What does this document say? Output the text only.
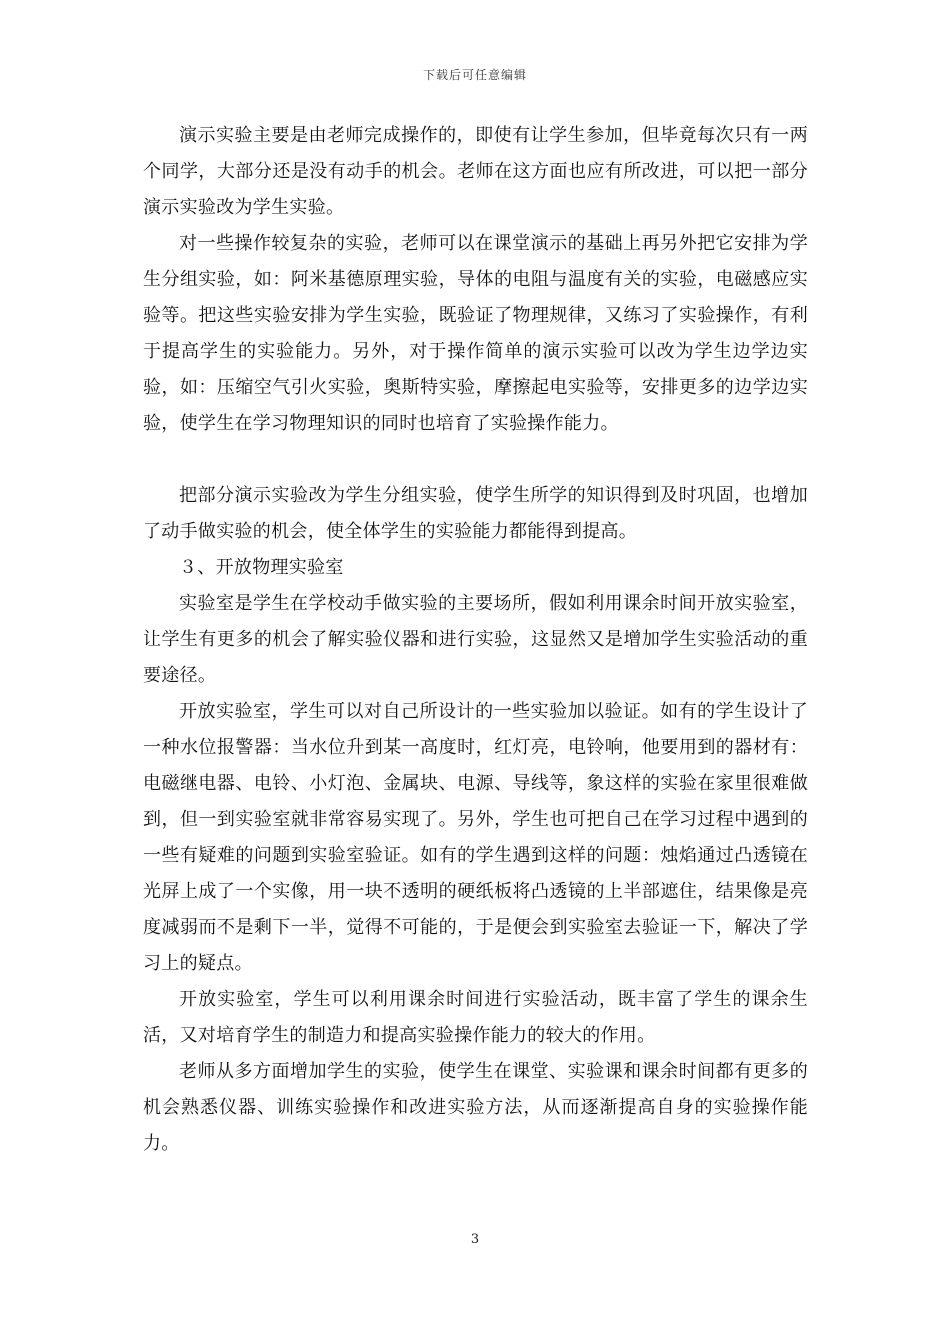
下载后可任意编辑

演示实验主要是由老师完成操作的，即使有让学生参加，但毕竟每次只有一两个同学，大部分还是没有动手的机会。老师在这方面也应有所改进，可以把一部分演示实验改为学生实验。

对一些操作较复杂的实验，老师可以在课堂演示的基础上再另外把它安排为学生分组实验，如：阿米基德原理实验，导体的电阻与温度有关的实验，电磁感应实验等。把这些实验安排为学生实验，既验证了物理规律，又练习了实验操作，有利于提高学生的实验能力。另外，对于操作简单的演示实验可以改为学生边学边实验，如：压缩空气引火实验，奥斯特实验，摩擦起电实验等，安排更多的边学边实验，使学生在学习物理知识的同时也培育了实验操作能力。

把部分演示实验改为学生分组实验，使学生所学的知识得到及时巩固，也增加了动手做实验的机会，使全体学生的实验能力都能得到提高。

３、开放物理实验室

实验室是学生在学校动手做实验的主要场所，假如利用课余时间开放实验室，让学生有更多的机会了解实验仪器和进行实验，这显然又是增加学生实验活动的重要途径。

开放实验室，学生可以对自己所设计的一些实验加以验证。如有的学生设计了一种水位报警器：当水位升到某一高度时，红灯亮，电铃响，他要用到的器材有：电磁继电器、电铃、小灯泡、金属块、电源、导线等，象这样的实验在家里很难做到，但一到实验室就非常容易实现了。另外，学生也可把自己在学习过程中遇到的一些有疑难的问题到实验室验证。如有的学生遇到这样的问题：烛焰通过凸透镜在光屏上成了一个实像，用一块不透明的硬纸板将凸透镜的上半部遮住，结果像是亮度减弱而不是剩下一半，觉得不可能的，于是便会到实验室去验证一下，解决了学习上的疑点。

开放实验室，学生可以利用课余时间进行实验活动，既丰富了学生的课余生活，又对培育学生的制造力和提高实验操作能力的较大的作用。

老师从多方面增加学生的实验，使学生在课堂、实验课和课余时间都有更多的机会熟悉仪器、训练实验操作和改进实验方法，从而逐渐提高自身的实验操作能力。

3
